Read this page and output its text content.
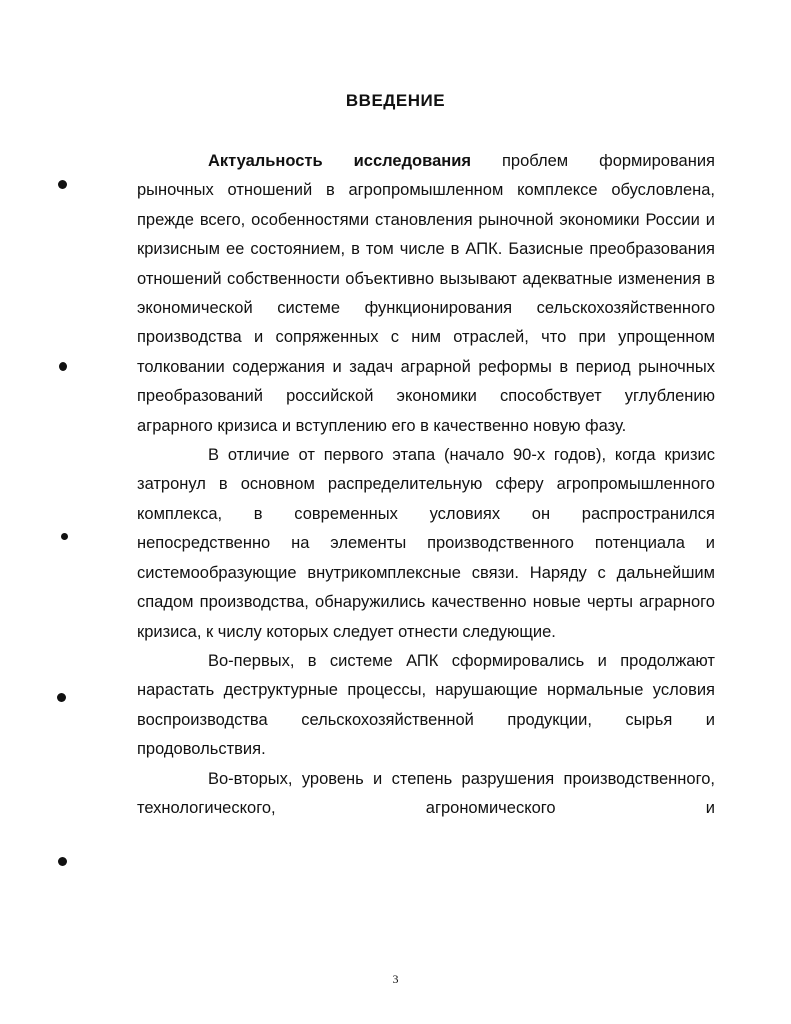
ВВЕДЕНИЕ

Актуальность исследования проблем формирования рыночных отношений в агропромышленном комплексе обусловлена, прежде всего, особенностями становления рыночной экономики России и кризисным ее состоянием, в том числе в АПК. Базисные преобразования отношений собственности объективно вызывают адекватные изменения в экономической системе функционирования сельскохозяйственного производства и сопряженных с ним отраслей, что при упрощенном толковании содержания и задач аграрной реформы в период рыночных преобразований российской экономики способствует углублению аграрного кризиса и вступлению его в качественно новую фазу.

В отличие от первого этапа (начало 90-х годов), когда кризис затронул в основном распределительную сферу агропромышленного комплекса, в современных условиях он распространился непосредственно на элементы производственного потенциала и системообразующие внутрикомплексные связи. Наряду с дальнейшим спадом производства, обнаружились качественно новые черты аграрного кризиса, к числу которых следует отнести следующие.

Во-первых, в системе АПК сформировались и продолжают нарастать деструктурные процессы, нарушающие нормальные условия воспроизводства сельскохозяйственной продукции, сырья и продовольствия.

Во-вторых, уровень и степень разрушения производственного, технологического, агрономического и

3
